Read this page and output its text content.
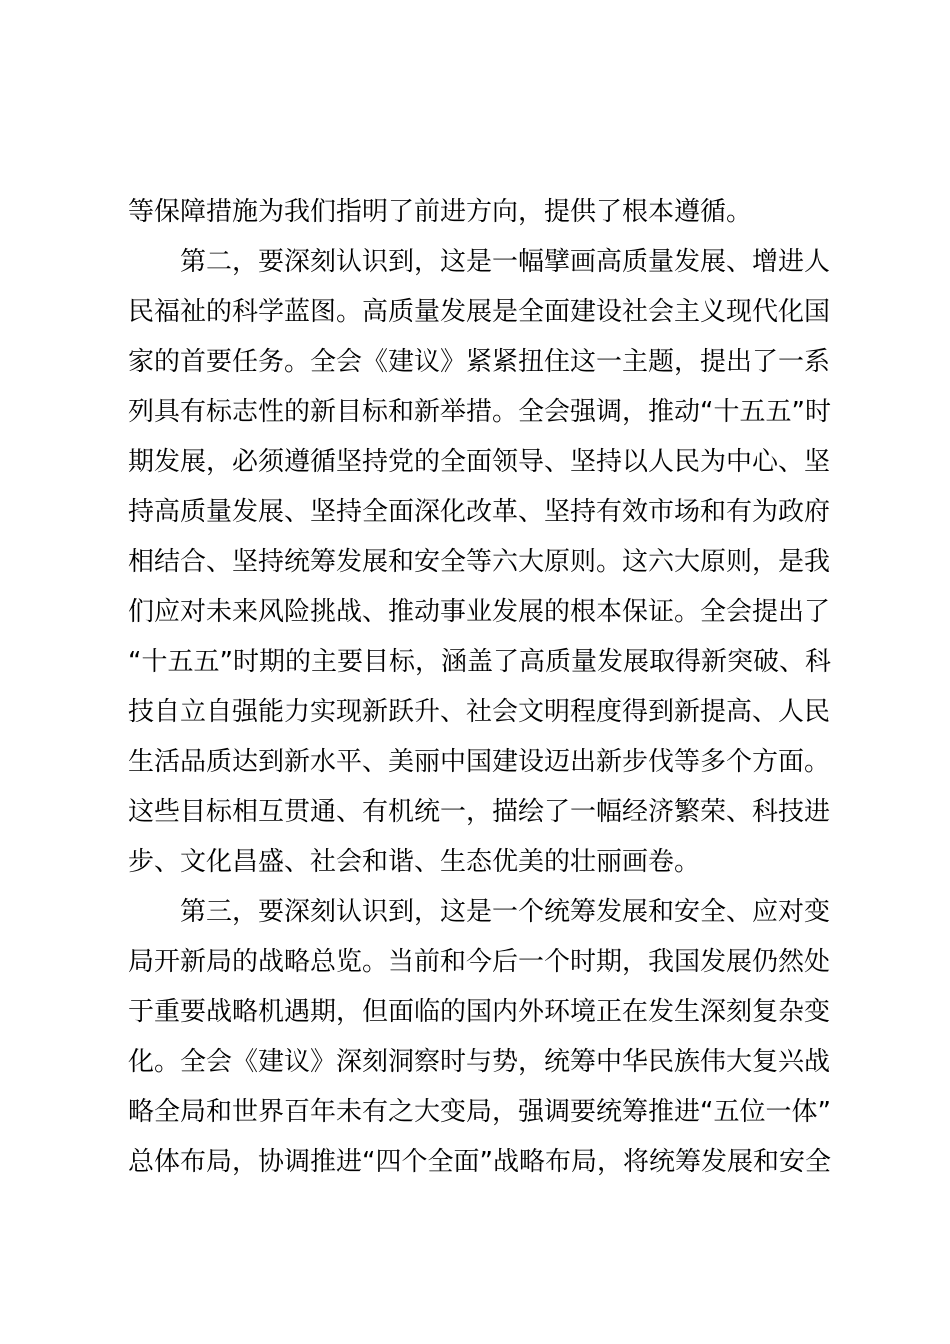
等保障措施为我们指明了前进方向，提供了根本遵循。
第二，要深刻认识到，这是一幅擘画高质量发展、增进人
民福祉的科学蓝图。高质量发展是全面建设社会主义现代化国
家的首要任务。全会《建议》紧紧扭住这一主题，提出了一系
列具有标志性的新目标和新举措。全会强调，推动“十五五”时
期发展，必须遵循坚持党的全面领导、坚持以人民为中心、坚
持高质量发展、坚持全面深化改革、坚持有效市场和有为政府
相结合、坚持统筹发展和安全等六大原则。这六大原则，是我
们应对未来风险挑战、推动事业发展的根本保证。全会提出了
“十五五”时期的主要目标，涵盖了高质量发展取得新突破、科
技自立自强能力实现新跃升、社会文明程度得到新提高、人民
生活品质达到新水平、美丽中国建设迈出新步伐等多个方面。
这些目标相互贯通、有机统一，描绘了一幅经济繁荣、科技进
步、文化昌盛、社会和谐、生态优美的壮丽画卷。
第三，要深刻认识到，这是一个统筹发展和安全、应对变
局开新局的战略总览。当前和今后一个时期，我国发展仍然处
于重要战略机遇期，但面临的国内外环境正在发生深刻复杂变
化。全会《建议》深刻洞察时与势，统筹中华民族伟大复兴战
略全局和世界百年未有之大变局，强调要统筹推进“五位一体”
总体布局，协调推进“四个全面”战略布局，将统筹发展和安全
